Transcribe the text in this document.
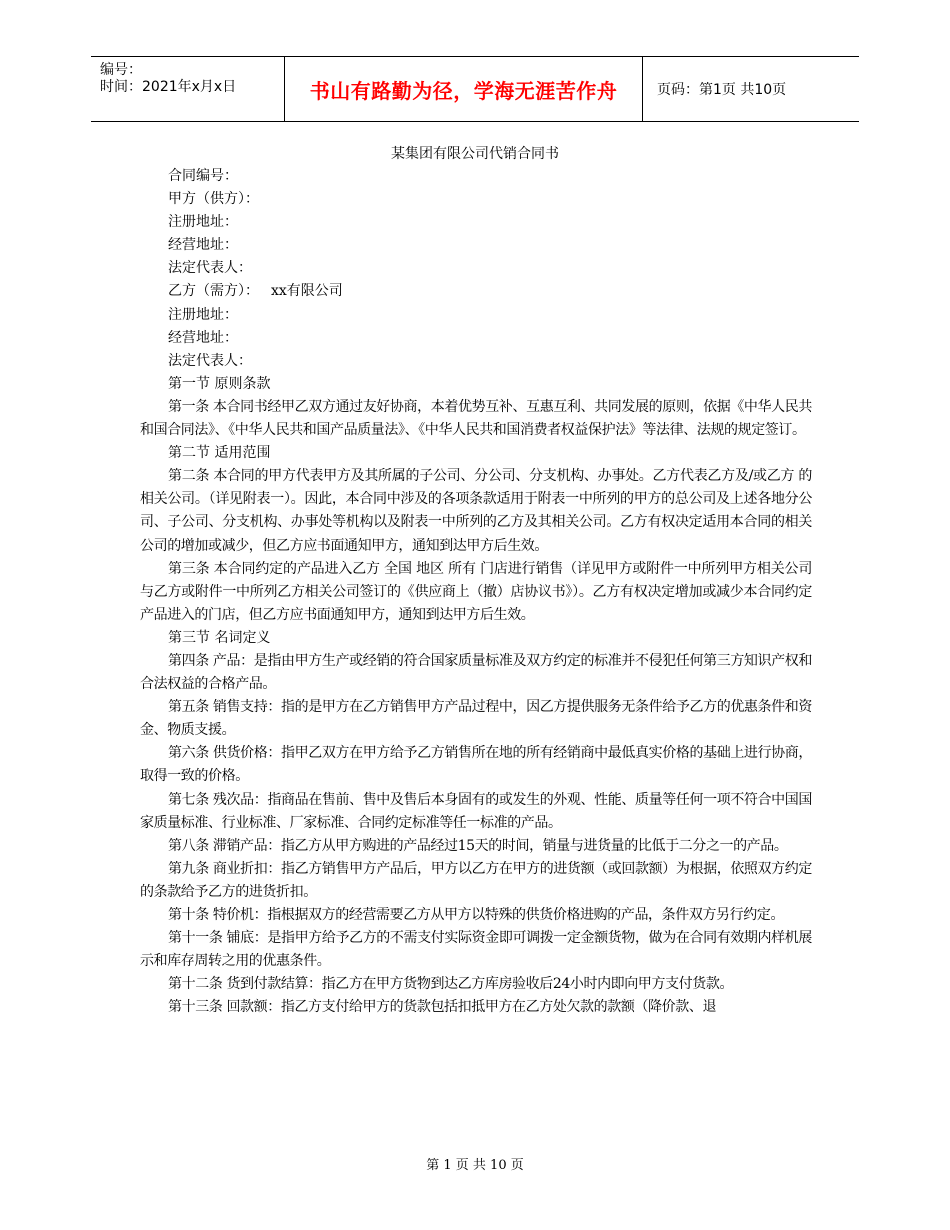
编号：
时间：2021年x月x日	书山有路勤为径，学海无涯苦作舟	页码：第1页 共10页
某集团有限公司代销合同书

合同编号：

甲方（供方）：

注册地址：

经营地址：

法定代表人：

乙方（需方）： xx有限公司

注册地址：

经营地址：

法定代表人：

第一节 原则条款

第一条 本合同书经甲乙双方通过友好协商，本着优势互补、互惠互利、共同发展的原则，依据《中华人民共和国合同法》、《中华人民共和国产品质量法》、《中华人民共和国消费者权益保护法》等法律、法规的规定签订。

第二节 适用范围

第二条 本合同的甲方代表甲方及其所属的子公司、分公司、分支机构、办事处。乙方代表乙方及/或乙方 的相关公司。（详见附表一）。因此，本合同中涉及的各项条款适用于附表一中所列的甲方的总公司及上述各地分公司、子公司、分支机构、办事处等机构以及附表一中所列的乙方及其相关公司。乙方有权决定适用本合同的相关公司的增加或减少，但乙方应书面通知甲方，通知到达甲方后生效。

第三条 本合同约定的产品进入乙方 全国 地区 所有 门店进行销售（详见甲方或附件一中所列甲方相关公司与乙方或附件一中所列乙方相关公司签订的《供应商上（撤）店协议书》）。乙方有权决定增加或减少本合同约定产品进入的门店，但乙方应书面通知甲方，通知到达甲方后生效。

第三节 名词定义

第四条 产品：是指由甲方生产或经销的符合国家质量标准及双方约定的标准并不侵犯任何第三方知识产权和合法权益的合格产品。

第五条 销售支持：指的是甲方在乙方销售甲方产品过程中，因乙方提供服务无条件给予乙方的优惠条件和资金、物质支援。

第六条 供货价格：指甲乙双方在甲方给予乙方销售所在地的所有经销商中最低真实价格的基础上进行协商，取得一致的价格。

第七条 残次品：指商品在售前、售中及售后本身固有的或发生的外观、性能、质量等任何一项不符合中国国家质量标准、行业标准、厂家标准、合同约定标准等任一标准的产品。

第八条 滞销产品：指乙方从甲方购进的产品经过15天的时间，销量与进货量的比低于二分之一的产品。

第九条 商业折扣：指乙方销售甲方产品后，甲方以乙方在甲方的进货额（或回款额）为根据，依照双方约定的条款给予乙方的进货折扣。

第十条 特价机：指根据双方的经营需要乙方从甲方以特殊的供货价格进购的产品，条件双方另行约定。

第十一条 铺底：是指甲方给予乙方的不需支付实际资金即可调拨一定金额货物，做为在合同有效期内样机展示和库存周转之用的优惠条件。

第十二条 货到付款结算：指乙方在甲方货物到达乙方库房验收后24小时内即向甲方支付货款。

第十三条 回款额：指乙方支付给甲方的货款包括扣抵甲方在乙方处欠款的款额（降价款、退

第 1 页 共 10 页
